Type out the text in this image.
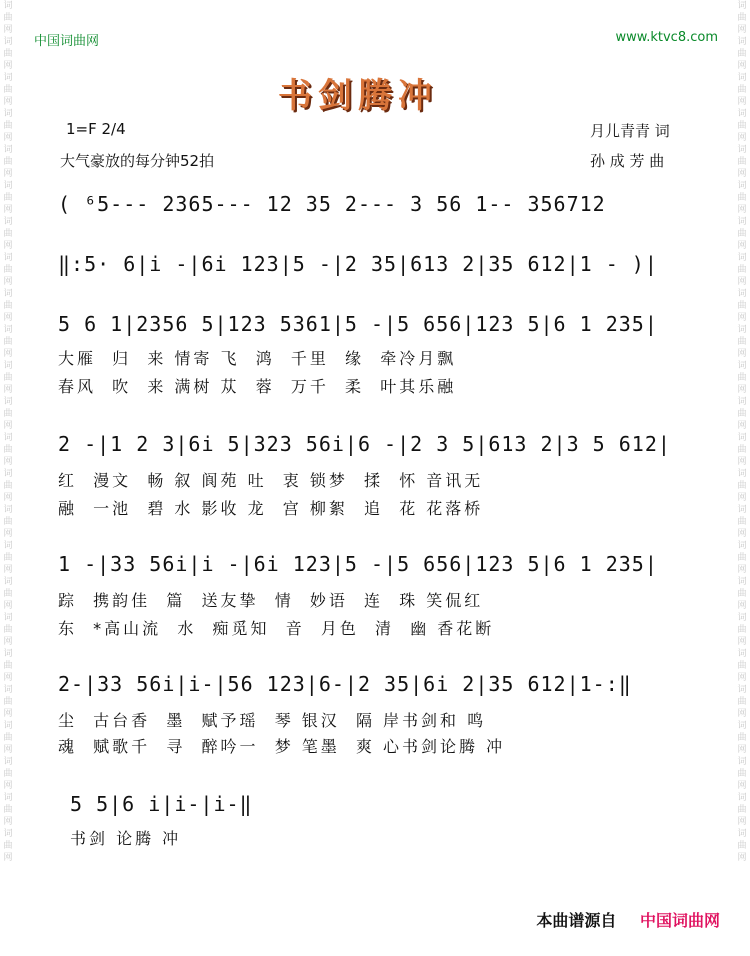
词曲网词曲网词曲网词曲网词曲网词曲网词曲网词曲网词曲网词曲网词曲网词曲网词曲网词曲网词曲网词曲网词曲网词曲网词曲网词曲网词曲网词曲网词曲网词曲网
词曲网词曲网词曲网词曲网词曲网词曲网词曲网词曲网词曲网词曲网词曲网词曲网词曲网词曲网词曲网词曲网词曲网词曲网词曲网词曲网词曲网词曲网词曲网词曲网
中国词曲网	www.ktvc8.com
书剑腾冲
1=F 2/4
大气豪放的每分钟52拍
月儿青青 词
孙 成 芳 曲
( ⁶5--- 2365--- 12 35 2--- 3 56 1-- 356712
‖:5· 6|i -|6i 123|5 -|2 35|613 2|35 612|1 - )|
5 6 1|2356 5|123 5361|5 -|5 656|123 5|6 1 235|
大雁  归  来 情寄 飞  鸿  千里  缘  牵冷月飘
春风  吹  来 满树 苁  蓉  万千  柔  叶其乐融
2 -|1 2 3|6i 5|323 56i|6 -|2 3 5|613 2|3 5 612|
红  漫文  畅 叙 阆苑 吐  衷 锁梦  揉  怀 音讯无
融  一池  碧 水 影收 龙  宫 柳絮  追  花 花落桥
1 -|33 56i|i -|6i 123|5 -|5 656|123 5|6 1 235|
踪  携韵佳  篇  送友挚  情  妙语  连  珠 笑侃红
东  *高山流  水  痴觅知  音  月色  清  幽 香花断
2-|33 56i|i-|56 123|6-|2 35|6i 2|35 612|1-:‖
尘  古台香  墨  赋予瑶  琴 银汉  隔 岸书剑和 鸣
魂  赋歌千  寻  醉吟一  梦 笔墨  爽 心书剑论腾 冲
5 5|6 i|i-|i-‖
书剑 论腾 冲
本曲谱源自 中国词曲网
